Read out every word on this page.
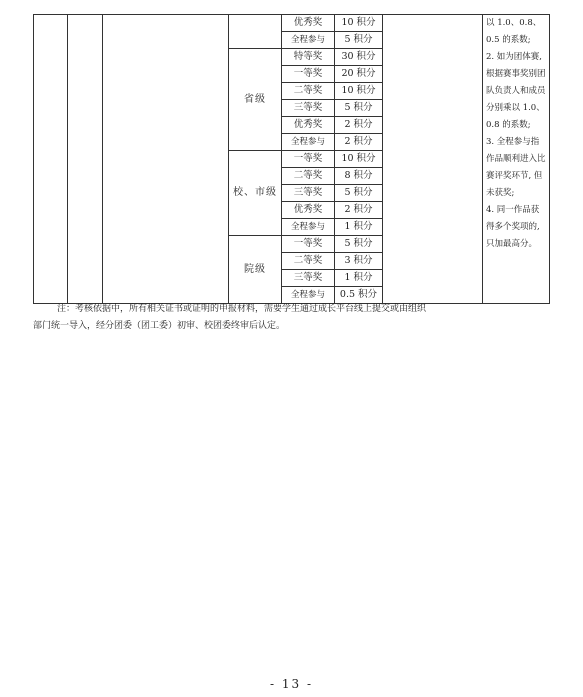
				优秀奖	10 积分		以 1.0、0.8、0.5 的系数;
2. 如为团体赛, 根据赛事奖别团队负责人和成员分别乘以 1.0、0.8 的系数;
3. 全程参与指作品顺利进入比赛评奖环节, 但未获奖;
4. 同一作品获得多个奖项的, 只加最高分。

				全程参与	5 积分		
			省级	特等奖	30 积分		
				一等奖	20 积分		
				二等奖	10 积分		
				三等奖	5 积分		
				优秀奖	2 积分		
				全程参与	2 积分		
			校、市级	一等奖	10 积分		
				二等奖	8 积分		
				三等奖	5 积分		
				优秀奖	2 积分		
				全程参与	1 积分		
			院级	一等奖	5 积分		
				二等奖	3 积分		
				三等奖	1 积分		
				全程参与	0.5 积分		
注：考核依据中，所有相关证书或证明的申报材料，需要学生通过成长平台线上提交或由组织
部门统一导入，经分团委（团工委）初审、校团委终审后认定。
- 13 -
